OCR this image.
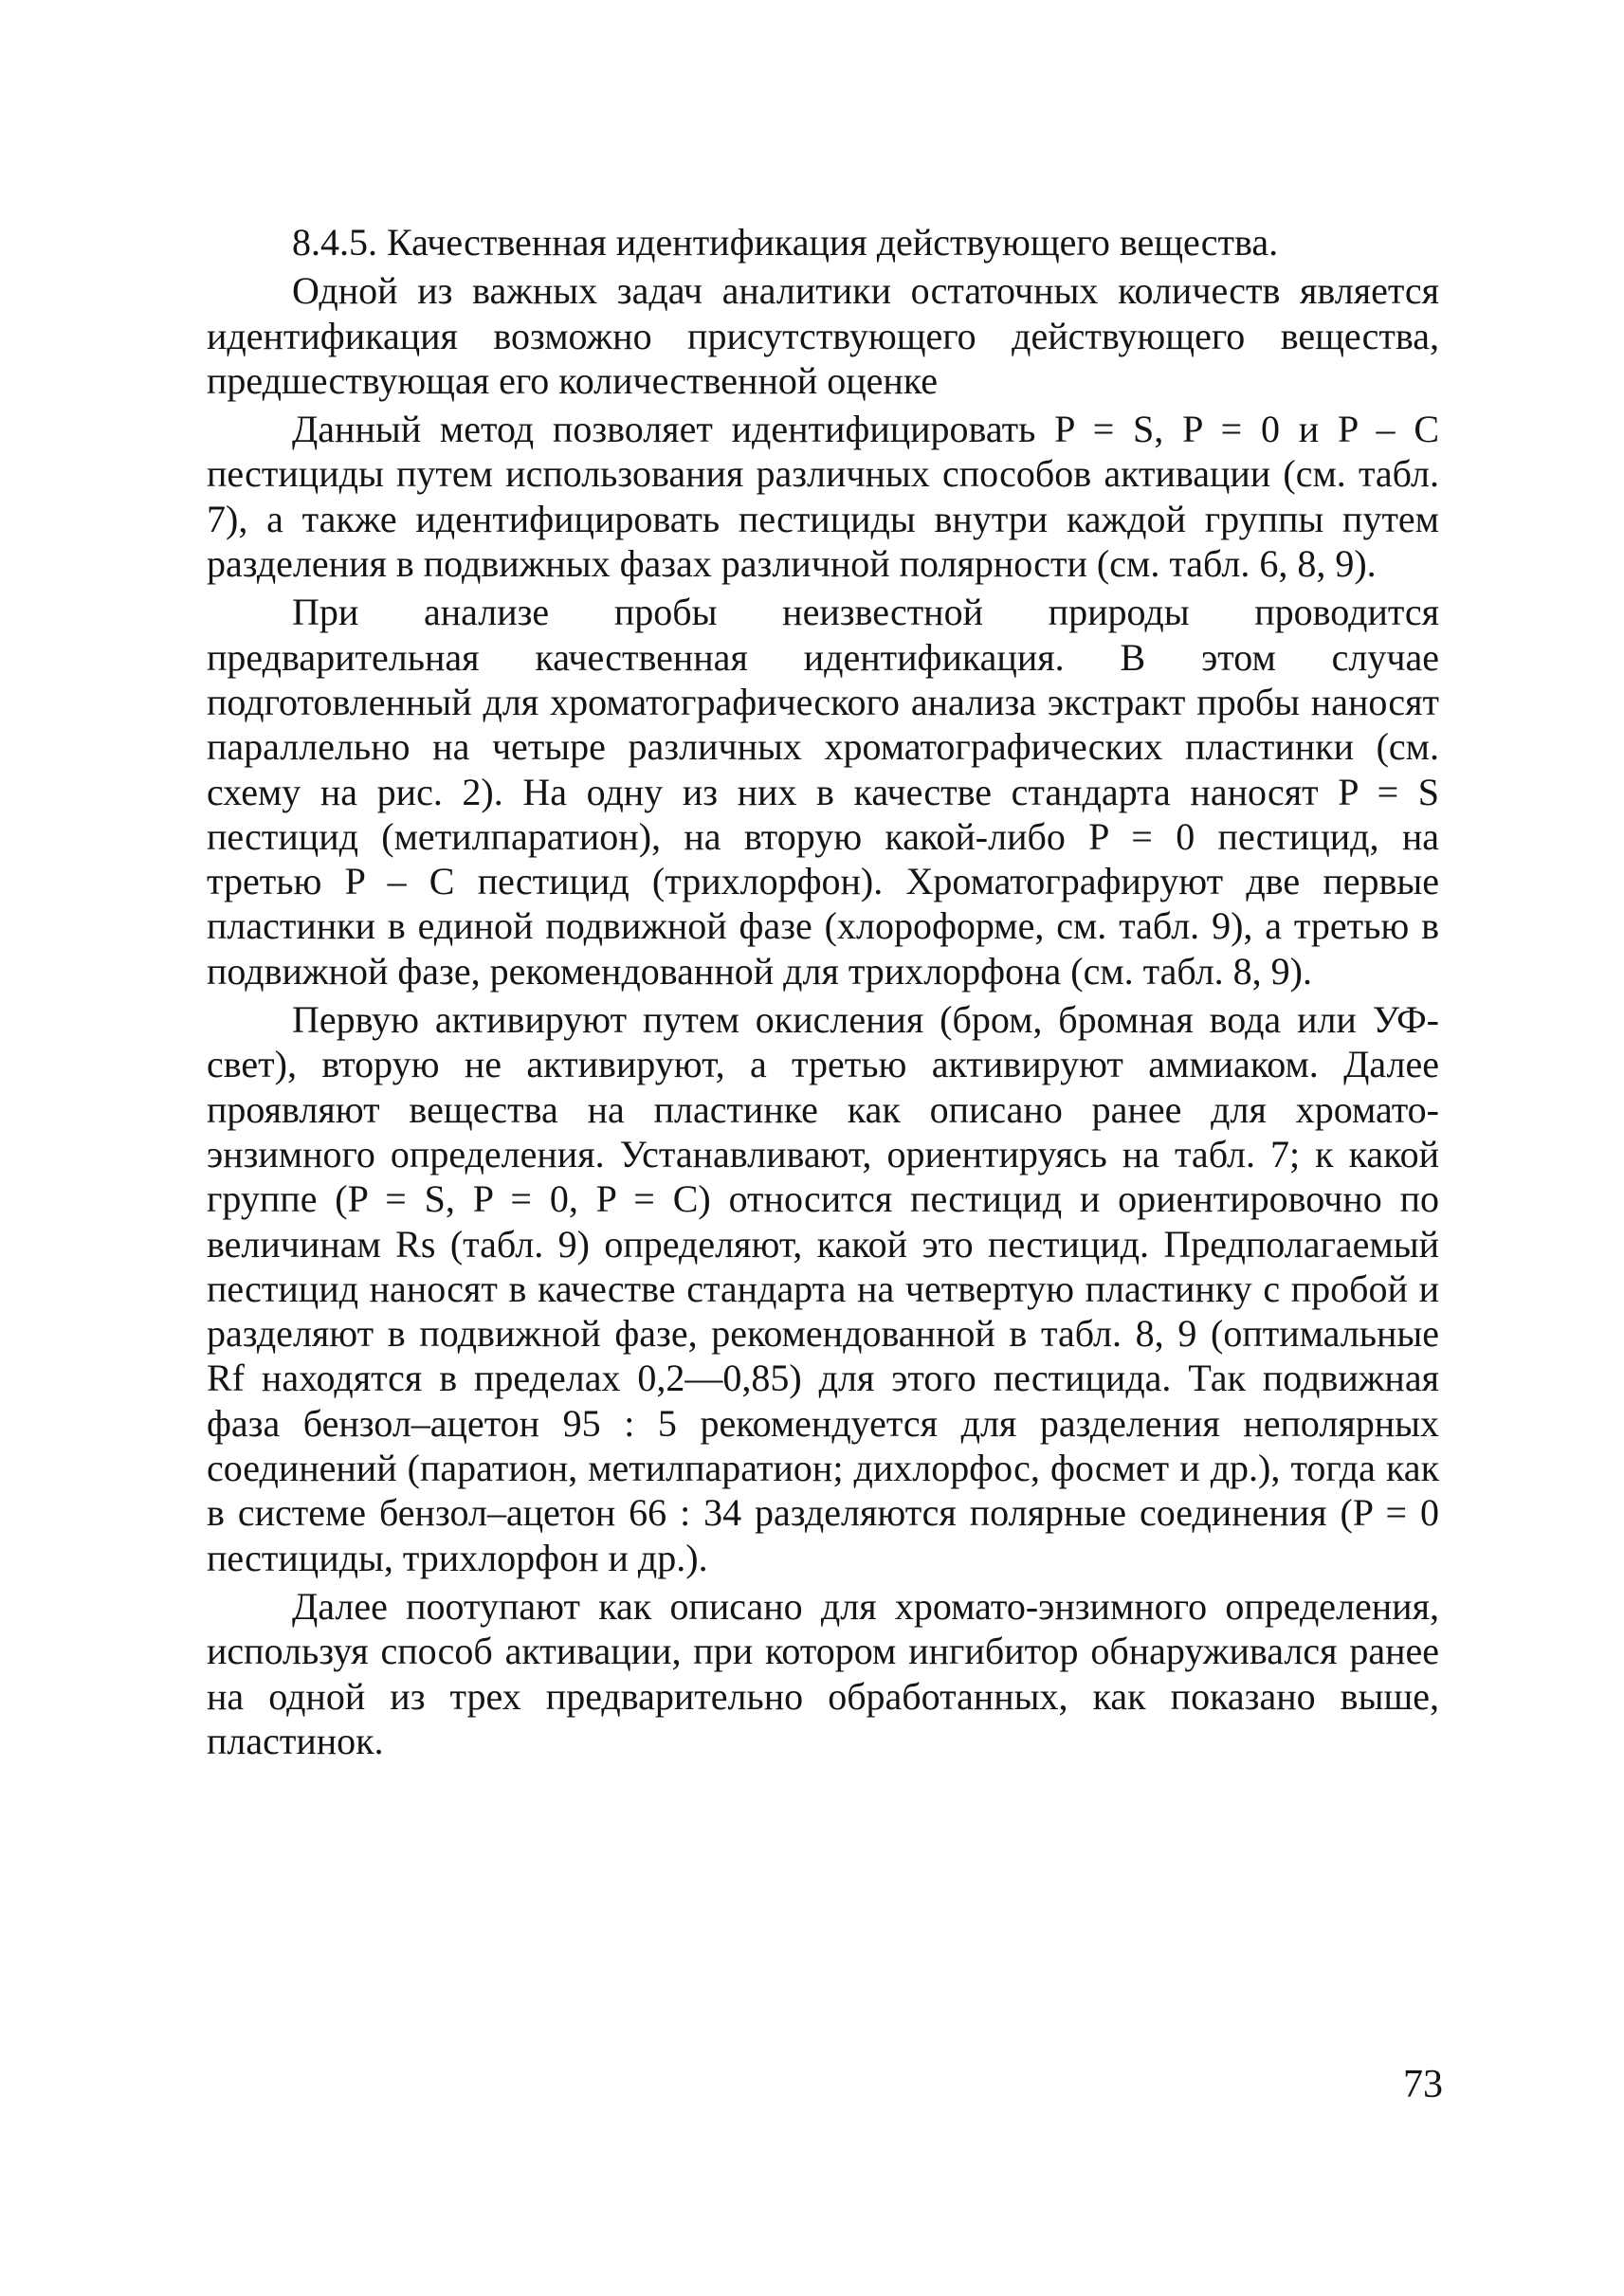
8.4.5. Качественная идентификация действующего вещества.

Одной из важных задач аналитики остаточных количеств является идентификация возможно присутствующего действующего вещества, предшествующая его количественной оценке

Данный метод позволяет идентифицировать P = S, P = 0 и P – C пестициды путем использования различных способов активации (см. табл. 7), а также идентифицировать пестициды внутри каждой группы путем разделения в подвижных фазах различной полярности (см. табл. 6, 8, 9).

При анализе пробы неизвестной природы проводится предварительная качественная идентификация. В этом случае подготовленный для хроматографического анализа экстракт пробы наносят параллельно на четыре различных хроматографических пластинки (см. схему на рис. 2). На одну из них в качестве стандарта наносят P = S пестицид (метилпаратион), на вторую какой-либо P = 0 пестицид, на третью P – C пестицид (трихлорфон). Хроматографируют две первые пластинки в единой подвижной фазе (хлороформе, см. табл. 9), а третью в подвижной фазе, рекомендованной для трихлорфона (см. табл. 8, 9).

Первую активируют путем окисления (бром, бромная вода или УФ-свет), вторую не активируют, а третью активируют аммиаком. Далее проявляют вещества на пластинке как описано ранее для хромато-энзимного определения. Устанавливают, ориентируясь на табл. 7; к какой группе (P = S, P = 0, P = C) относится пестицид и ориентировочно по величинам Rs (табл. 9) определяют, какой это пестицид. Предполагаемый пестицид наносят в качестве стандарта на четвертую пластинку с пробой и разделяют в подвижной фазе, рекомендованной в табл. 8, 9 (оптимальные Rf находятся в пределах 0,2—0,85) для этого пестицида. Так подвижная фаза бензол–ацетон 95 : 5 рекомендуется для разделения неполярных соединений (паратион, метилпаратион; дихлорфос, фосмет и др.), тогда как в системе бензол–ацетон 66 : 34 разделяются полярные соединения (P = 0 пестициды, трихлорфон и др.).

Далее поотупают как описано для хромато-энзимного определения, используя способ активации, при котором ингибитор обнаруживался ранее на одной из трех предварительно обработанных, как показано выше, пластинок.

73
